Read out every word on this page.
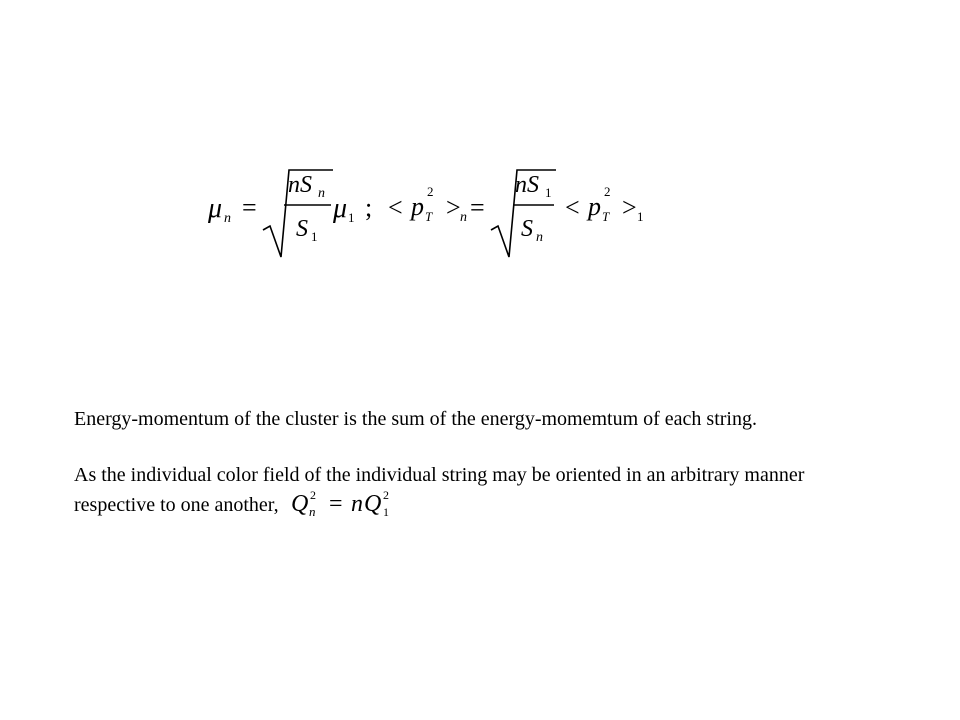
μ n =
nS n
S 1
μ 1 ; < p
2
T > n =
nS 1
S n
< p
2
T > 1

Energy-momentum of the cluster is the sum of the energy-momemtum of each string.

As the individual color field of the individual string may be oriented in an arbitrary manner respective to one another, Q 2
n = n Q 2
1
